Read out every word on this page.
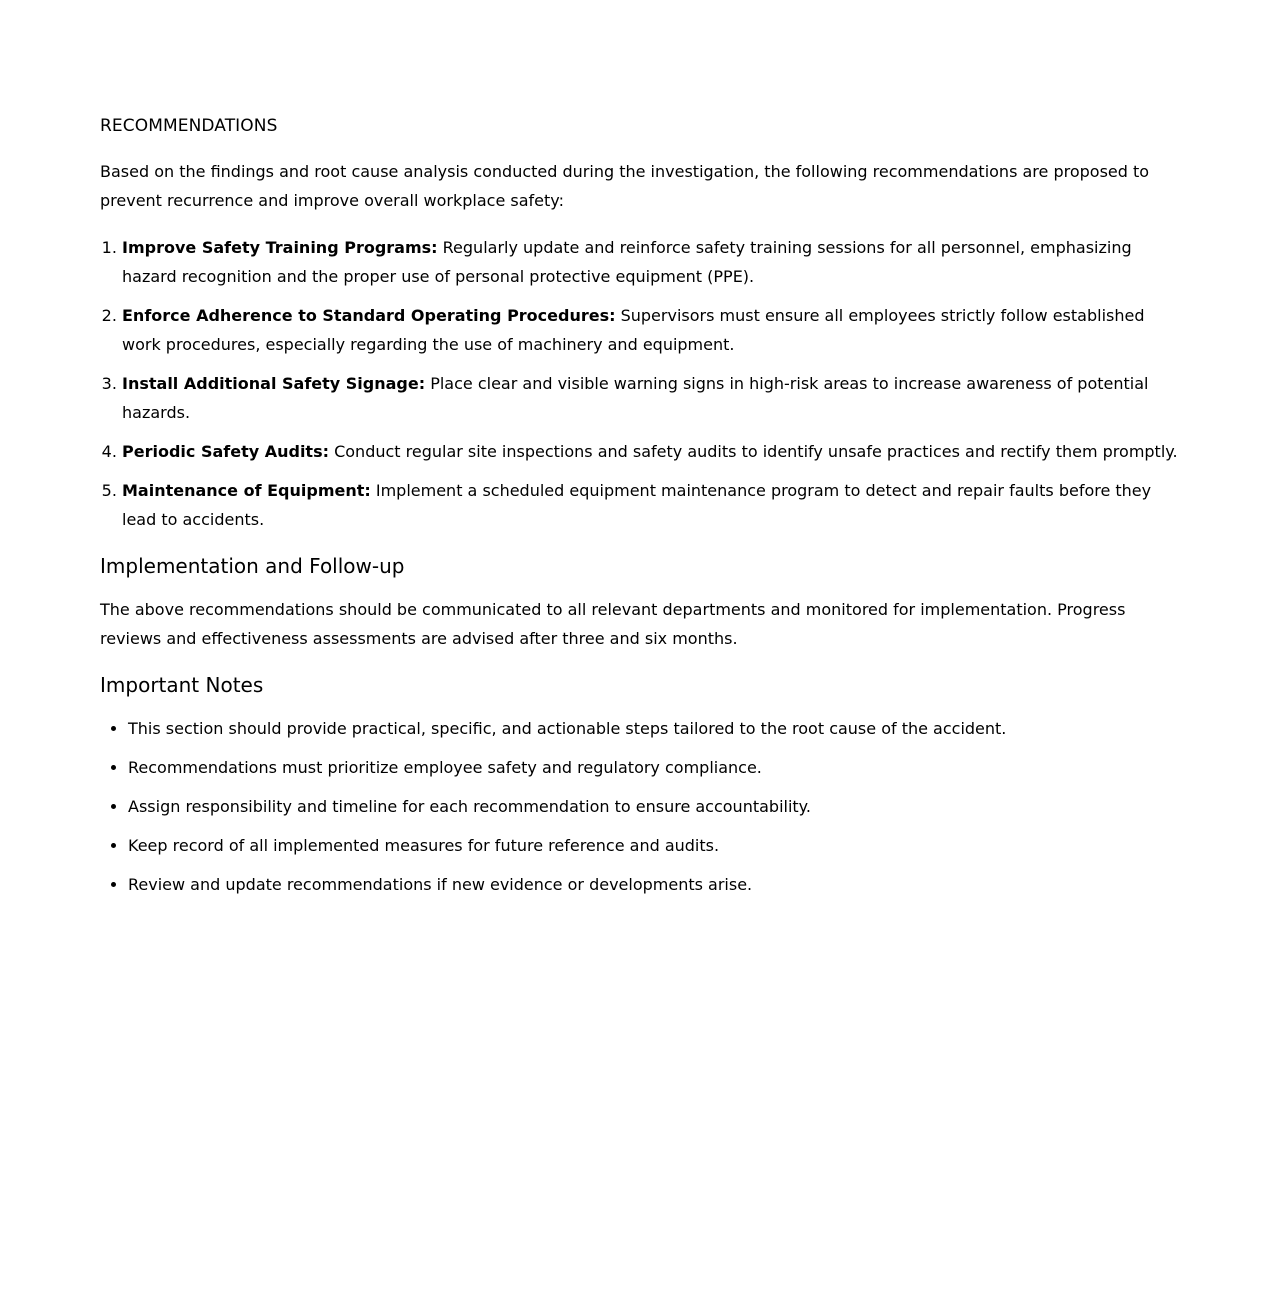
RECOMMENDATIONS

Based on the findings and root cause analysis conducted during the investigation, the following recommendations are proposed to prevent recurrence and improve overall workplace safety:

1. Improve Safety Training Programs: Regularly update and reinforce safety training sessions for all personnel, emphasizing hazard recognition and the proper use of personal protective equipment (PPE).
2. Enforce Adherence to Standard Operating Procedures: Supervisors must ensure all employees strictly follow established work procedures, especially regarding the use of machinery and equipment.
3. Install Additional Safety Signage: Place clear and visible warning signs in high-risk areas to increase awareness of potential hazards.
4. Periodic Safety Audits: Conduct regular site inspections and safety audits to identify unsafe practices and rectify them promptly.
5. Maintenance of Equipment: Implement a scheduled equipment maintenance program to detect and repair faults before they lead to accidents.
Implementation and Follow-up

The above recommendations should be communicated to all relevant departments and monitored for implementation. Progress reviews and effectiveness assessments are advised after three and six months.

Important Notes
• This section should provide practical, specific, and actionable steps tailored to the root cause of the accident.
• Recommendations must prioritize employee safety and regulatory compliance.
• Assign responsibility and timeline for each recommendation to ensure accountability.
• Keep record of all implemented measures for future reference and audits.
• Review and update recommendations if new evidence or developments arise.
